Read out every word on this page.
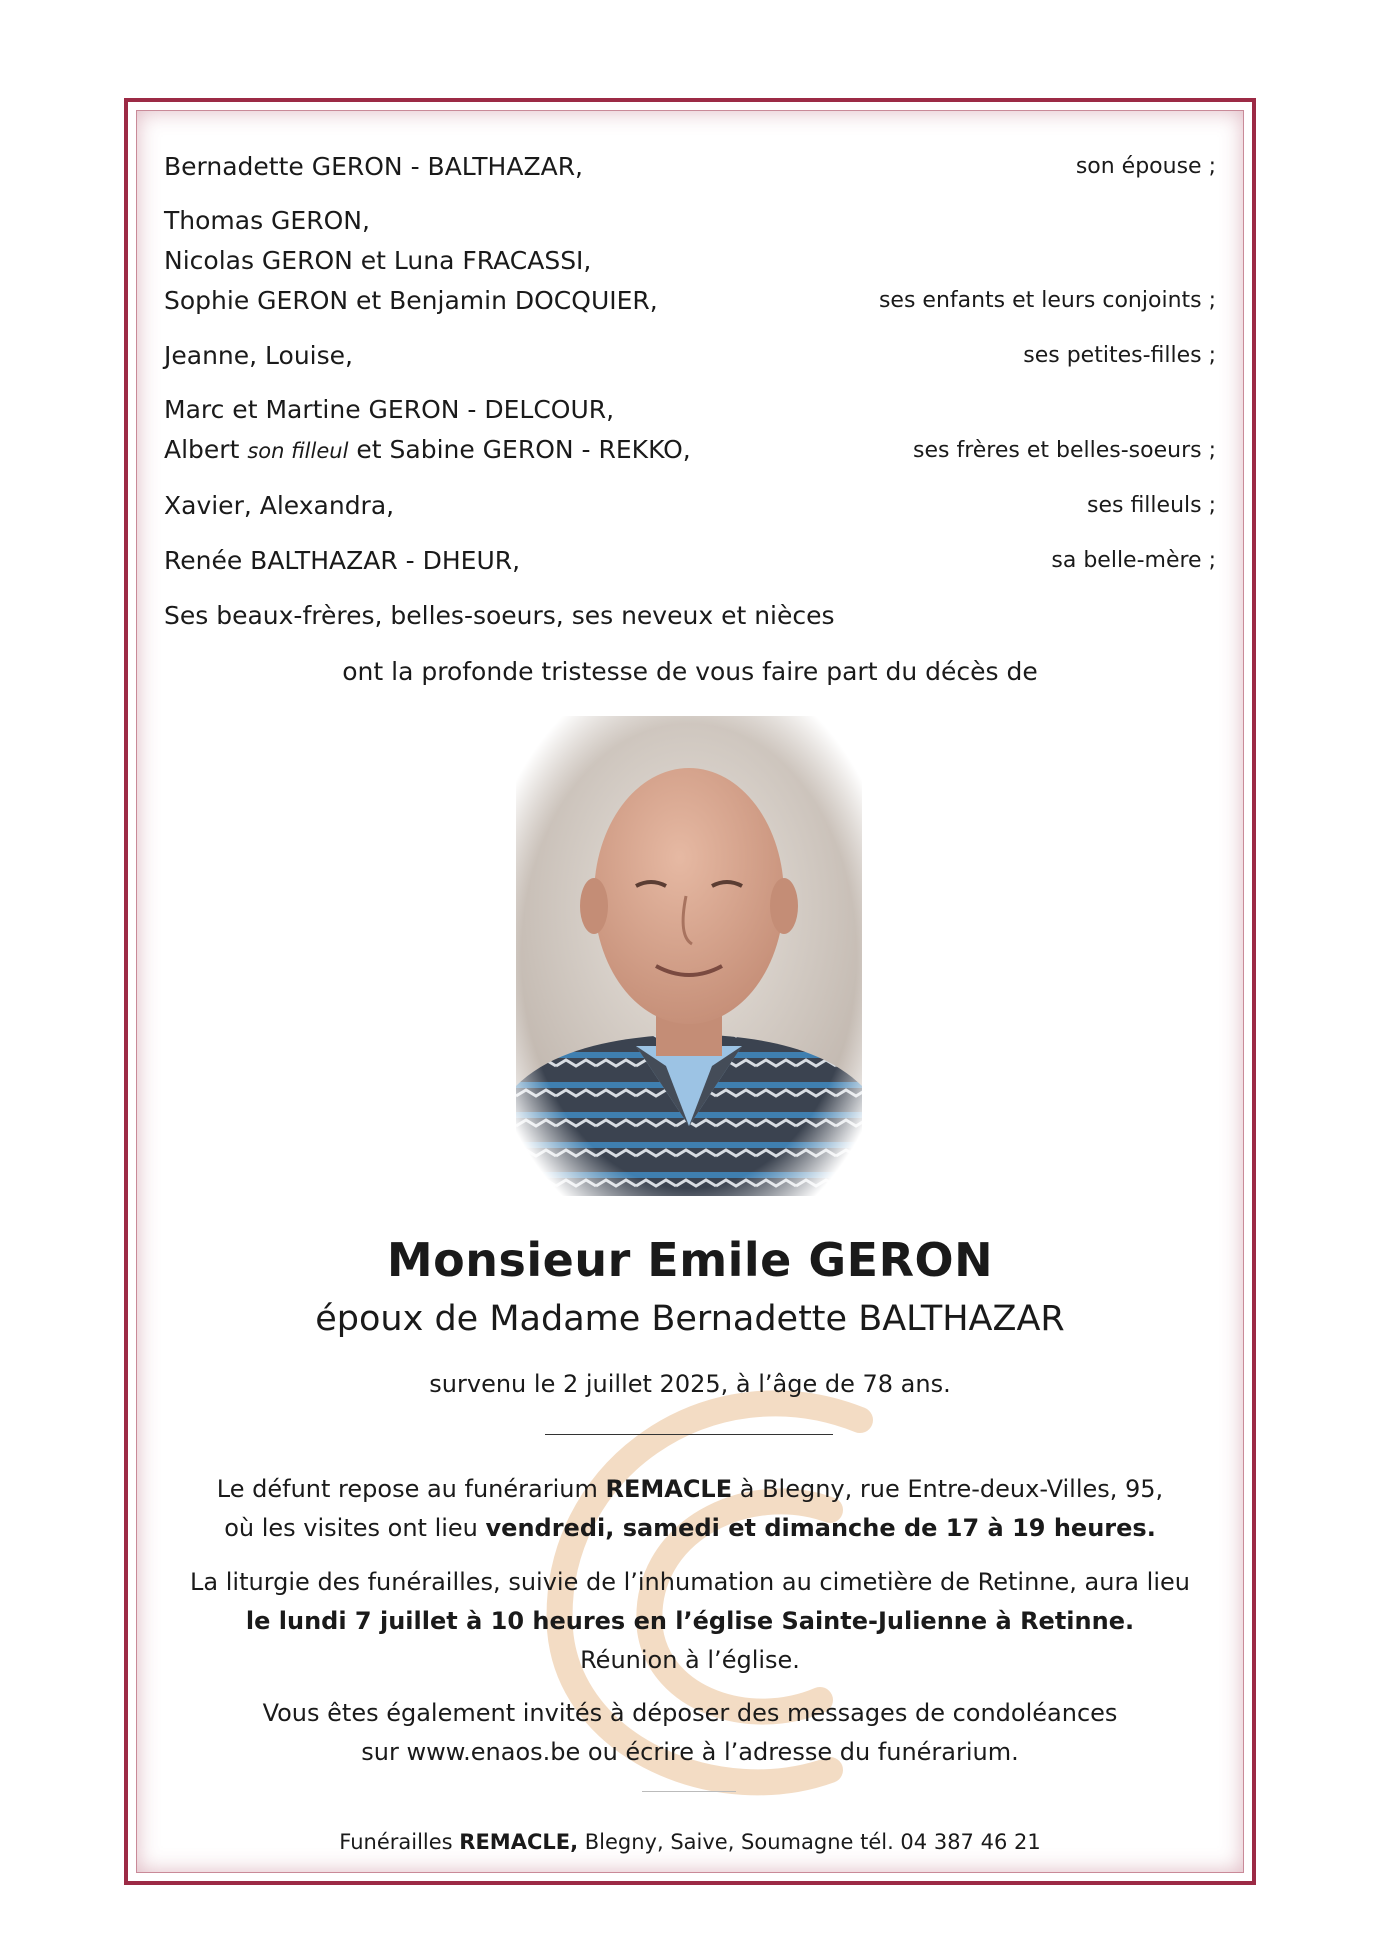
Bernadette GERON - BALTHAZAR,	son épouse ;
Thomas GERON,
Nicolas GERON et Luna FRACASSI,
Sophie GERON et Benjamin DOCQUIER,	ses enfants et leurs conjoints ;
Jeanne, Louise,	ses petites-filles ;
Marc et Martine GERON - DELCOUR,
Albert son filleul et Sabine GERON - REKKO,	ses frères et belles-soeurs ;
Xavier, Alexandra,	ses filleuls ;
Renée BALTHAZAR - DHEUR,	sa belle-mère ;
Ses beaux-frères, belles-soeurs, ses neveux et nièces
ont la profonde tristesse de vous faire part du décès de
Monsieur Emile GERON
époux de Madame Bernadette BALTHAZAR
survenu le 2 juillet 2025, à l’âge de 78 ans.
Le défunt repose au funérarium REMACLE à Blegny, rue Entre-deux-Villes, 95,
où les visites ont lieu vendredi, samedi et dimanche de 17 à 19 heures.
La liturgie des funérailles, suivie de l’inhumation au cimetière de Retinne, aura lieu
le lundi 7 juillet à 10 heures en l’église Sainte-Julienne à Retinne.
Réunion à l’église.
Vous êtes également invités à déposer des messages de condoléances
sur www.enaos.be ou écrire à l’adresse du funérarium.
Funérailles REMACLE, Blegny, Saive, Soumagne tél. 04 387 46 21
